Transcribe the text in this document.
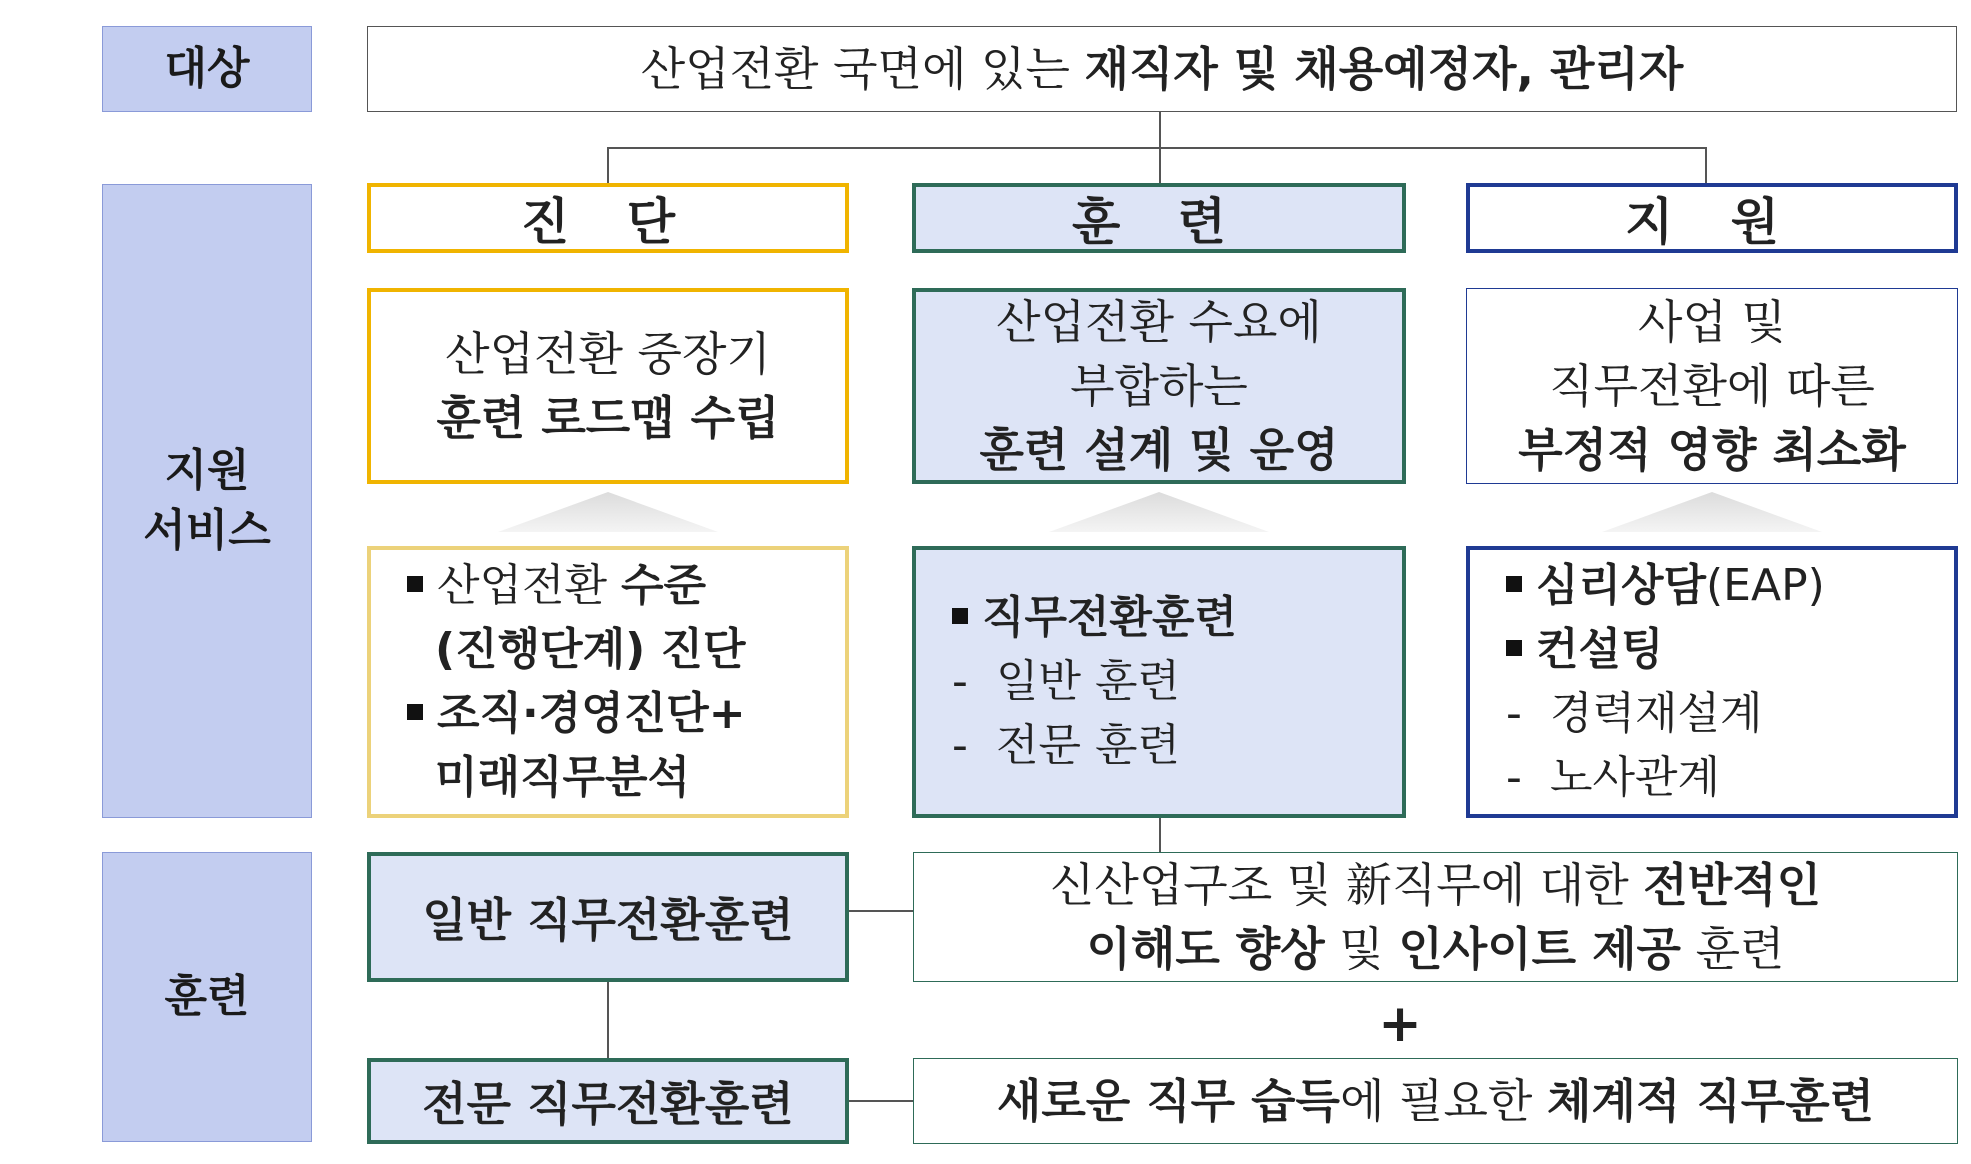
대상
지원
서비스
훈련
산업전환 국면에 있는 재직자 및 채용예정자, 관리자
진 단	훈 련	지 원
산업전환 중장기
훈련 로드맵 수립
산업전환 수요에
부합하는
훈련 설계 및 운영
사업 및
직무전환에 따른
부정적 영향 최소화
산업전환 수준
(진행단계) 진단
조직·경영진단+
미래직무분석
직무전환훈련
- 일반 훈련
- 전문 훈련
심리상담(EAP)
컨설팅
- 경력재설계
- 노사관계
일반 직무전환훈련
신산업구조 및 新직무에 대한 전반적인
이해도 향상 및 인사이트 제공 훈련
+
전문 직무전환훈련	새로운 직무 습득에 필요한 체계적 직무훈련
